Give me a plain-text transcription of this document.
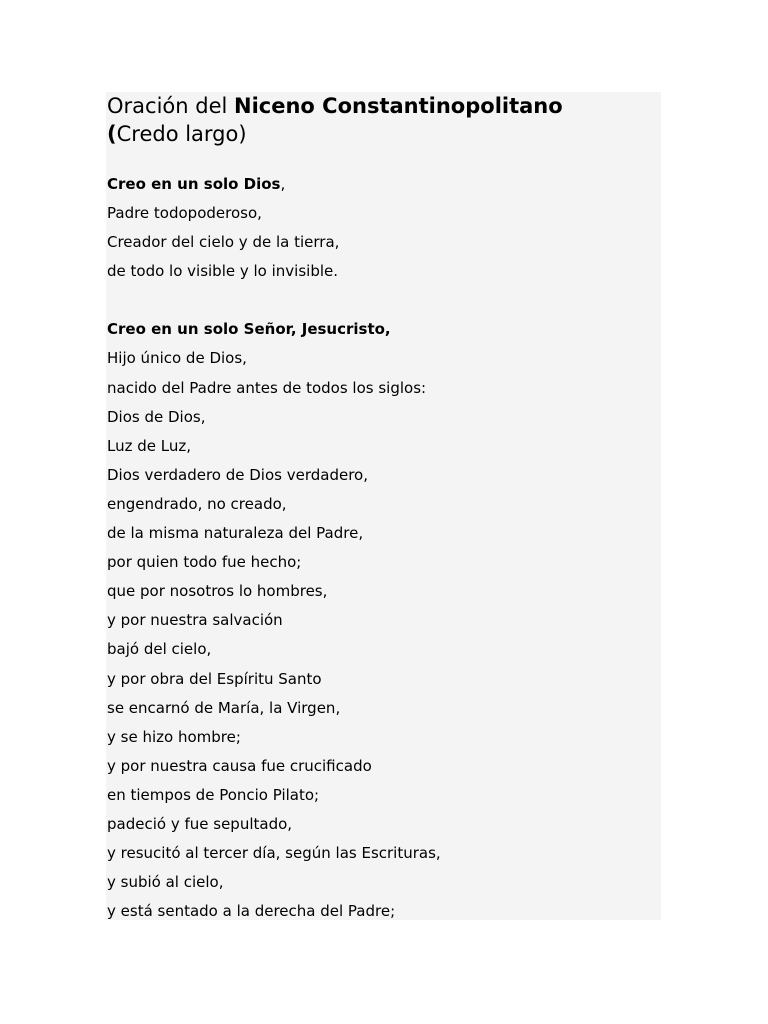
Oración del Niceno Constantinopolitano
(Credo largo)
Creo en un solo Dios,
Padre todopoderoso,
Creador del cielo y de la tierra,
de todo lo visible y lo invisible.
Creo en un solo Señor, Jesucristo,
Hijo único de Dios,
nacido del Padre antes de todos los siglos:
Dios de Dios,
Luz de Luz,
Dios verdadero de Dios verdadero,
engendrado, no creado,
de la misma naturaleza del Padre,
por quien todo fue hecho;
que por nosotros lo hombres,
y por nuestra salvación
bajó del cielo,
y por obra del Espíritu Santo
se encarnó de María, la Virgen,
y se hizo hombre;
y por nuestra causa fue crucificado
en tiempos de Poncio Pilato;
padeció y fue sepultado,
y resucitó al tercer día, según las Escrituras,
y subió al cielo,
y está sentado a la derecha del Padre;
